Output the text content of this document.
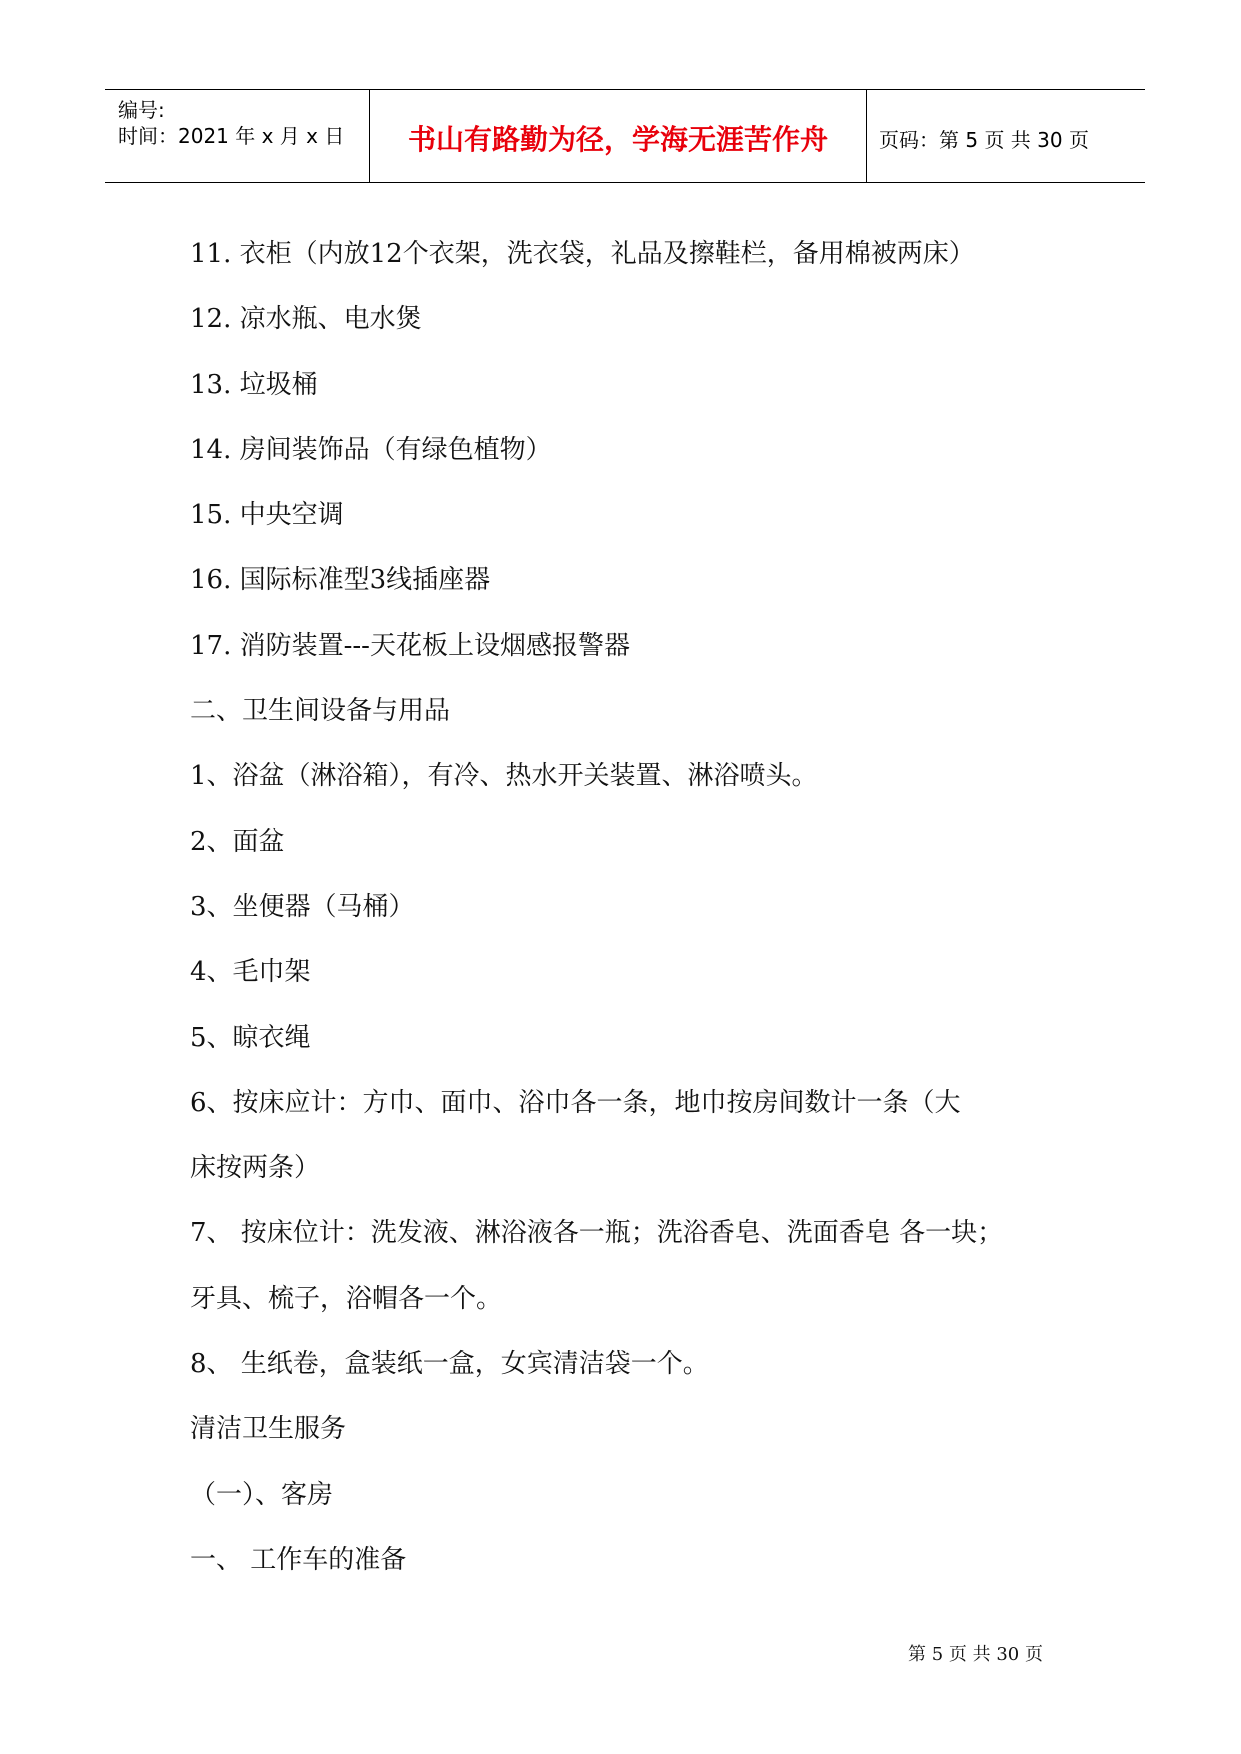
编号:
时间：2021 年 x 月 x 日	书山有路勤为径，学海无涯苦作舟	页码：第 5 页 共 30 页
11. 衣柜（内放12个衣架，洗衣袋，礼品及擦鞋栏，备用棉被两床）
12. 凉水瓶、电水煲
13. 垃圾桶
14. 房间装饰品（有绿色植物）
15. 中央空调
16. 国际标准型3线插座器
17. 消防装置---天花板上设烟感报警器
二、卫生间设备与用品
1、浴盆（淋浴箱），有冷、热水开关装置、淋浴喷头。
2、面盆
3、坐便器（马桶）
4、毛巾架
5、晾衣绳
6、按床应计：方巾、面巾、浴巾各一条，地巾按房间数计一条（大
床按两条）
7、 按床位计：洗发液、淋浴液各一瓶；洗浴香皂、洗面香皂 各一块；
牙具、梳子，浴帽各一个。
8、 生纸卷，盒装纸一盒，女宾清洁袋一个。
清洁卫生服务
（一）、客房
一、 工作车的准备
第 5 页 共 30 页
